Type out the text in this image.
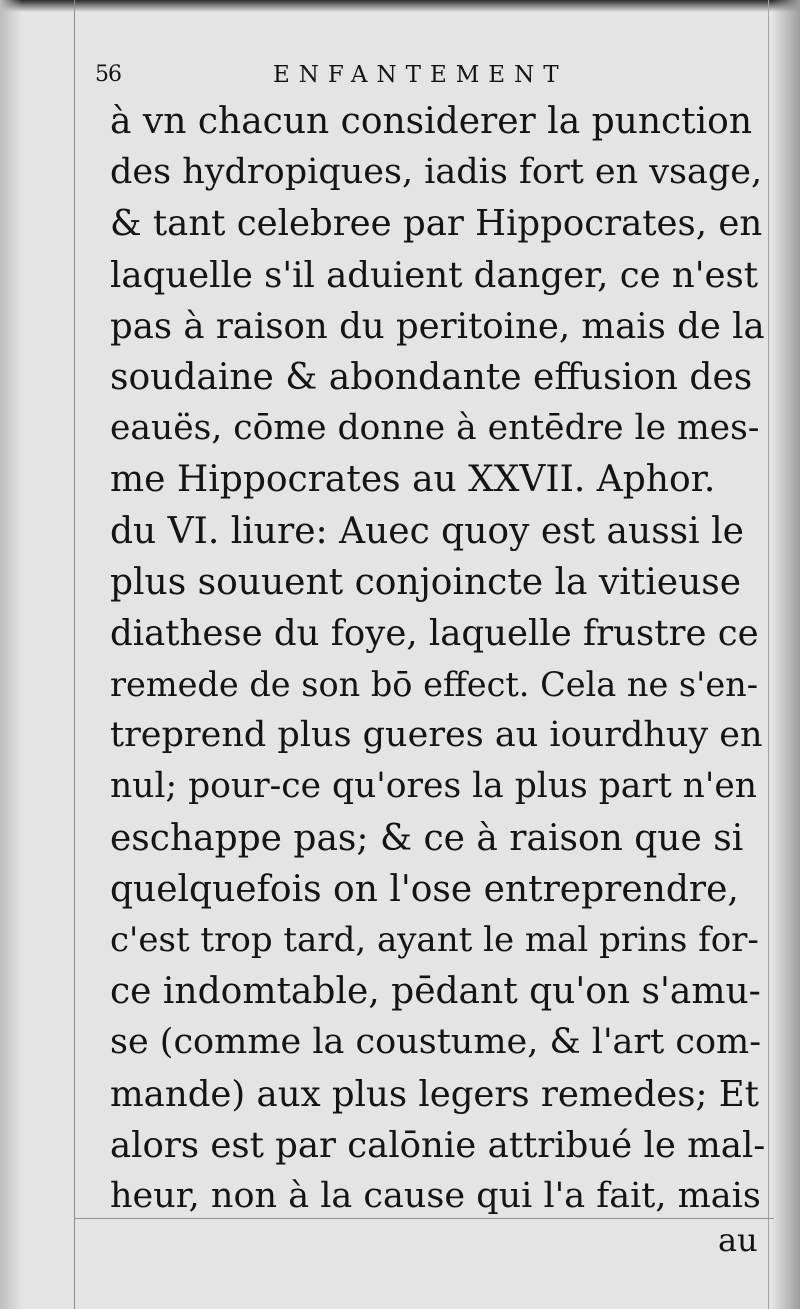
56	ENFANTEMENT
à vn chacun considerer la punction
des hydropiques, iadis fort en vsage,
& tant celebree par Hippocrates, en
laquelle s'il aduient danger, ce n'est
pas à raison du peritoine, mais de la
soudaine & abondante effusion des
eauës, cōme donne à entēdre le mes-
me Hippocrates au XXVII. Aphor.
du VI. liure: Auec quoy est aussi le
plus souuent conjoincte la vitieuse
diathese du foye, laquelle frustre ce
remede de son bō effect. Cela ne s'en-
treprend plus gueres au iourdhuy en
nul; pour-ce qu'ores la plus part n'en
eschappe pas; & ce à raison que si
quelquefois on l'ose entreprendre,
c'est trop tard, ayant le mal prins for-
ce indomtable, pēdant qu'on s'amu-
se (comme la coustume, & l'art com-
mande) aux plus legers remedes; Et
alors est par calōnie attribué le mal-
heur, non à la cause qui l'a fait, mais
au
